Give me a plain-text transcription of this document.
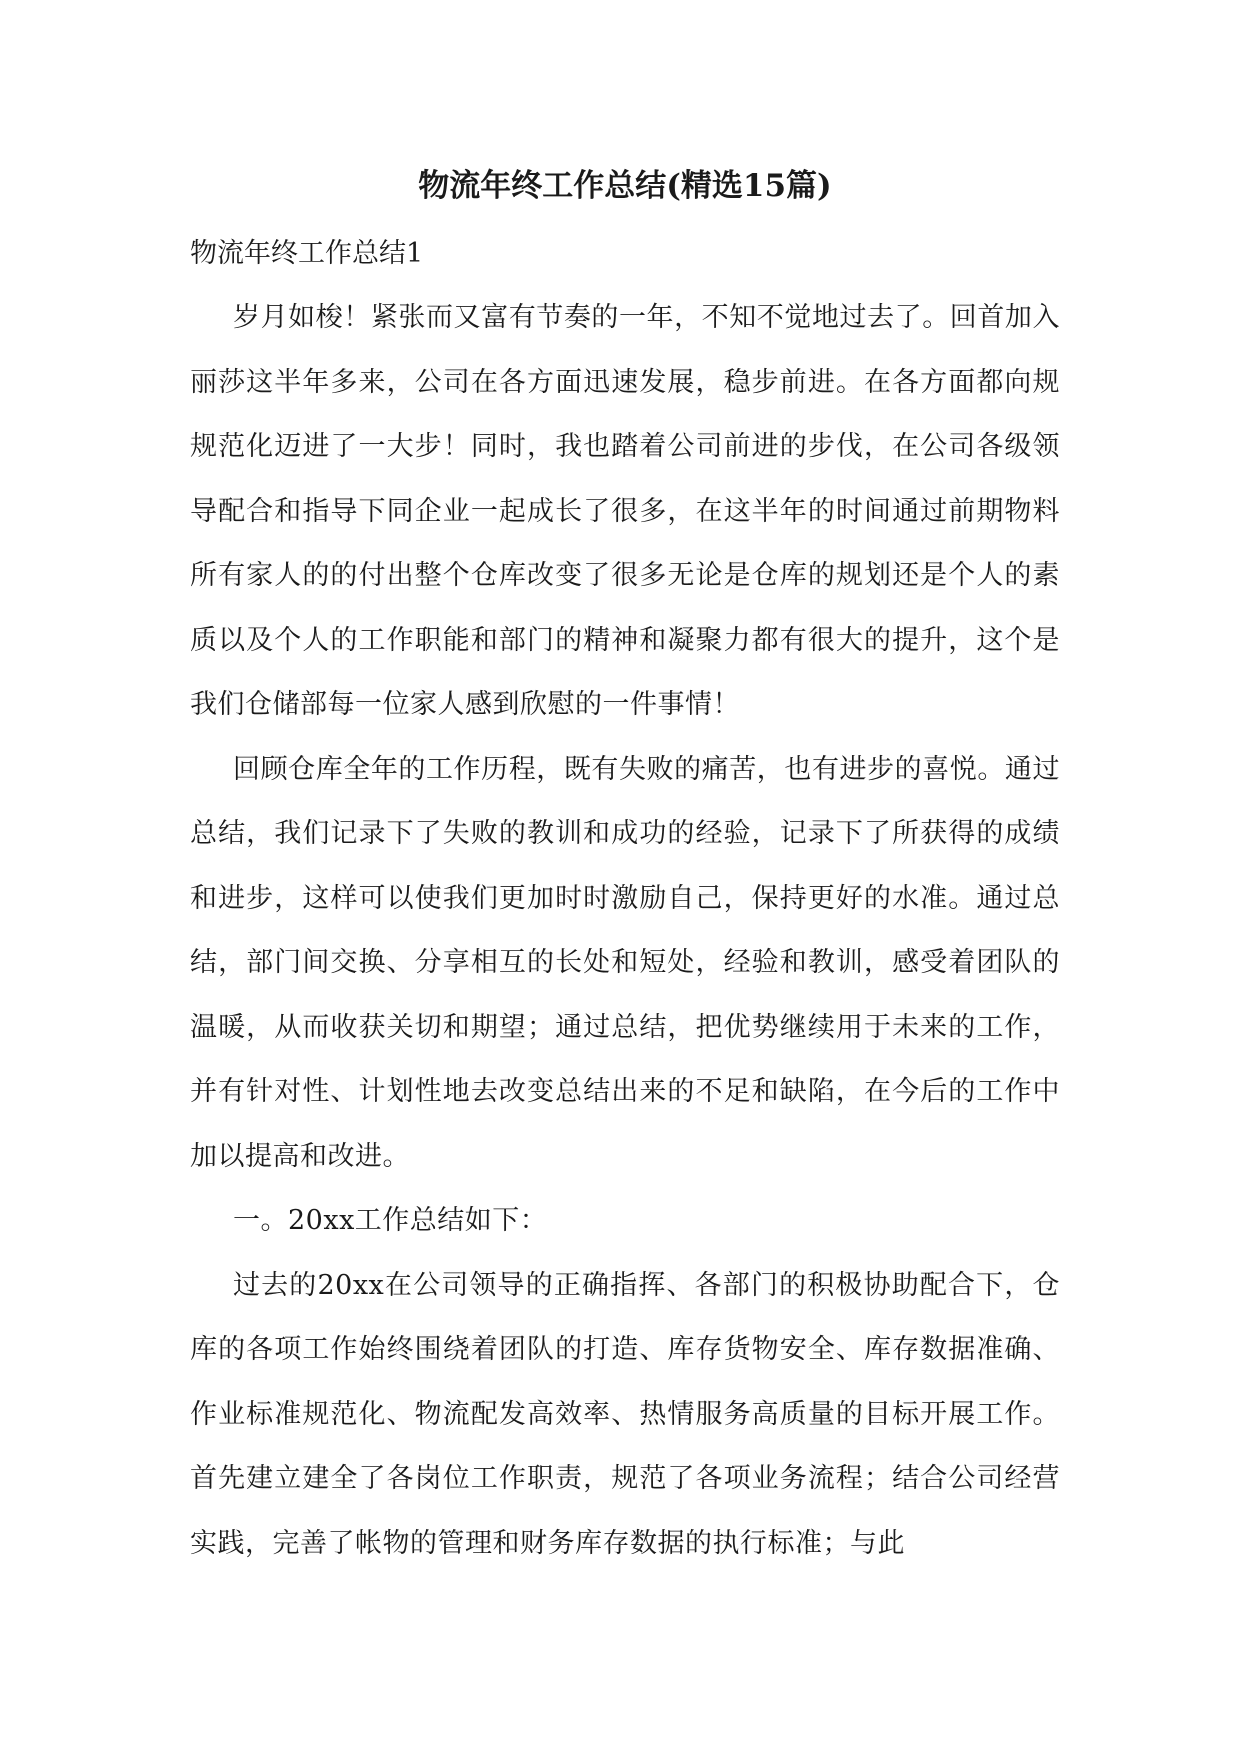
物流年终工作总结(精选15篇)

物流年终工作总结1

岁月如梭！紧张而又富有节奏的一年，不知不觉地过去了。回首加入丽莎这半年多来，公司在各方面迅速发展，稳步前进。在各方面都向规规范化迈进了一大步！同时，我也踏着公司前进的步伐，在公司各级领导配合和指导下同企业一起成长了很多，在这半年的时间通过前期物料所有家人的的付出整个仓库改变了很多无论是仓库的规划还是个人的素质以及个人的工作职能和部门的精神和凝聚力都有很大的提升，这个是我们仓储部每一位家人感到欣慰的一件事情！

回顾仓库全年的工作历程，既有失败的痛苦，也有进步的喜悦。通过总结，我们记录下了失败的教训和成功的经验，记录下了所获得的成绩和进步，这样可以使我们更加时时激励自己，保持更好的水准。通过总结，部门间交换、分享相互的长处和短处，经验和教训，感受着团队的温暖，从而收获关切和期望；通过总结，把优势继续用于未来的工作，并有针对性、计划性地去改变总结出来的不足和缺陷，在今后的工作中加以提高和改进。

一。20xx工作总结如下：

过去的20xx在公司领导的正确指挥、各部门的积极协助配合下，仓库的各项工作始终围绕着团队的打造、库存货物安全、库存数据准确、作业标准规范化、物流配发高效率、热情服务高质量的目标开展工作。首先建立建全了各岗位工作职责，规范了各项业务流程；结合公司经营实践，完善了帐物的管理和财务库存数据的执行标准；与此
